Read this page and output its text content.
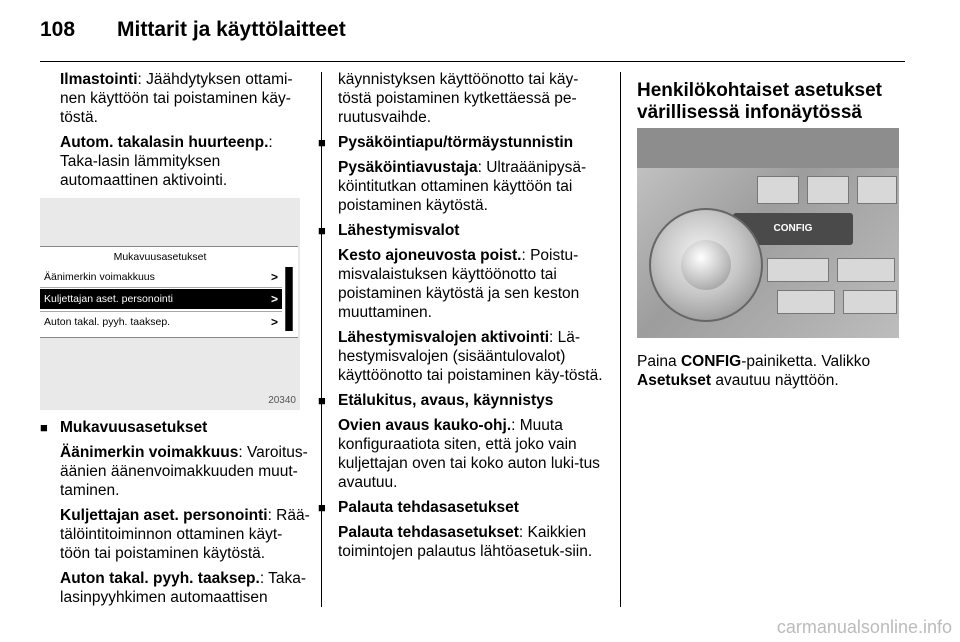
108 Mittarit ja käyttölaitteet

Ilmastointi: Jäähdytyksen ottami-nen käyttöön tai poistaminen käy-töstä.

Autom. takalasin huurteenp.: Taka-lasin lämmityksen automaattinen aktivointi.

Mukavuusasetukset
Äänimerkin voimakkuus	>
Kuljettajan aset. personointi	>
Auton takal. pyyh. taaksep.	>
20340

■ Mukavuusasetukset

Äänimerkin voimakkuus: Varoitus-äänien äänenvoimakkuuden muut-taminen.

Kuljettajan aset. personointi: Rää-tälöintitoiminnon ottaminen käyt-töön tai poistaminen käytöstä.

Auton takal. pyyh. taaksep.: Taka-lasinpyyhkimen automaattisen

käynnistyksen käyttöönotto tai käy-töstä poistaminen kytkettäessä pe-ruutusvaihde.

■ Pysäköintiapu/törmäystunnistin

Pysäköintiavustaja: Ultraäänipysä-köintitutkan ottaminen käyttöön tai poistaminen käytöstä.

■ Lähestymisvalot

Kesto ajoneuvosta poist.: Poistu-misvalaistuksen käyttöönotto tai poistaminen käytöstä ja sen keston muuttaminen.

Lähestymisvalojen aktivointi: Lä-hestymisvalojen (sisääntulovalot) käyttöönotto tai poistaminen käy-töstä.

■ Etälukitus, avaus, käynnistys

Ovien avaus kauko-ohj.: Muuta konfiguraatiota siten, että joko vain kuljettajan oven tai koko auton luki-tus avautuu.

■ Palauta tehdasasetukset

Palauta tehdasasetukset: Kaikkien toimintojen palautus lähtöasetuk-siin.

Henkilökohtaiset asetukset värillisessä infonäytössä
CONFIG

Paina CONFIG-painiketta. Valikko Asetukset avautuu näyttöön.

carmanualsonline.info
